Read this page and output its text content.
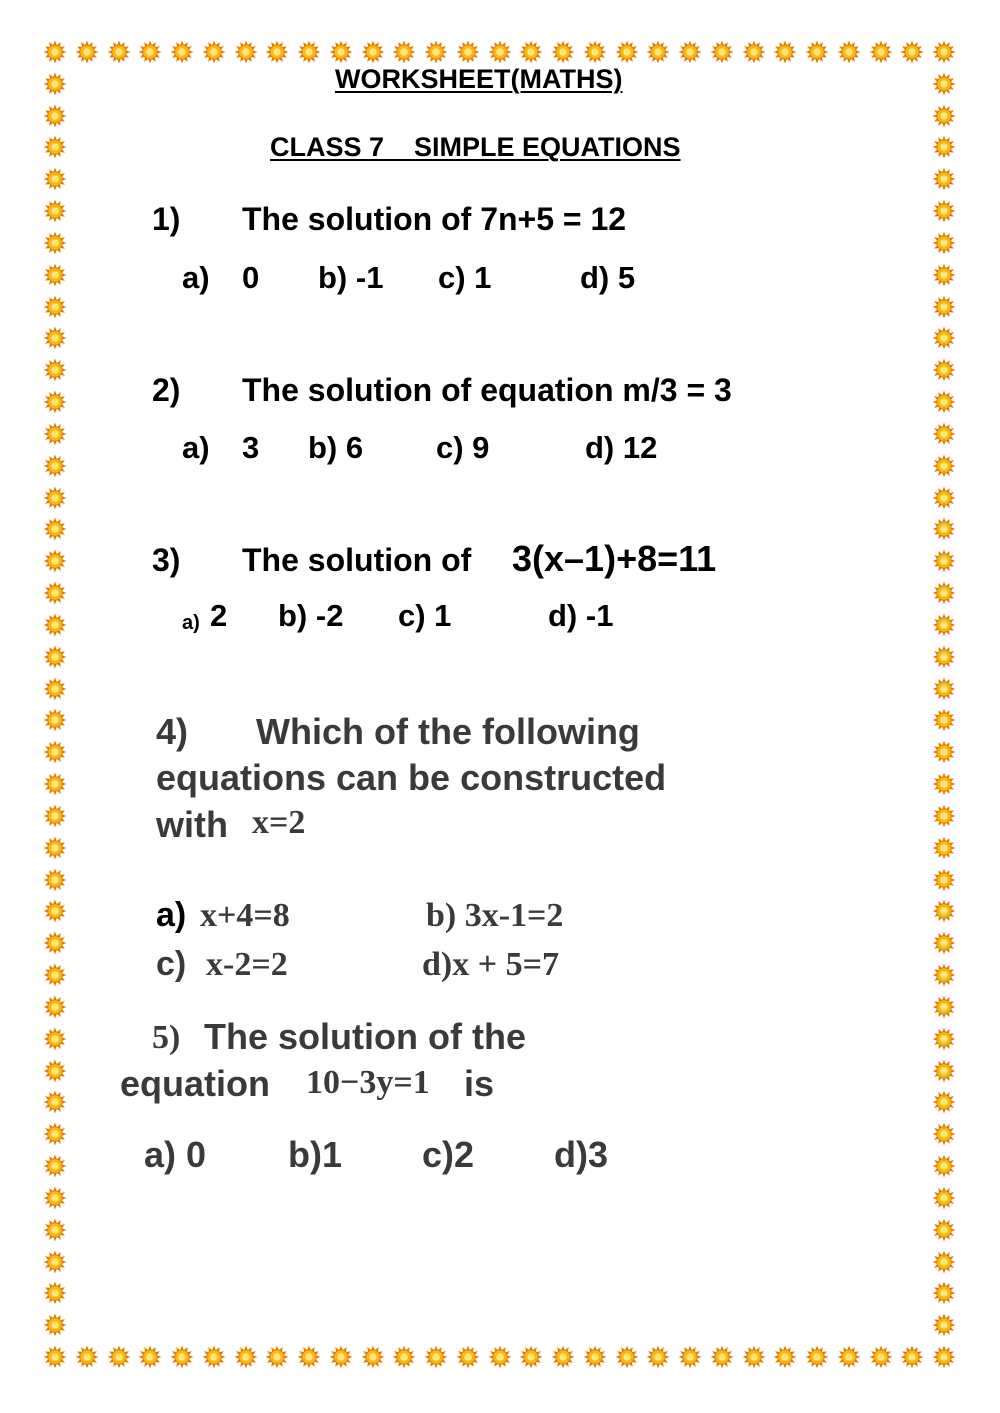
WORKSHEET(MATHS)
CLASS 7    SIMPLE EQUATIONS
1) The solution of 7n+5 = 12
a) 0 b) -1 c) 1	d) 5
2) The solution of equation m/3 = 3
a) 3 b) 6 c) 9	d) 12
3) The solution of 3(x–1)+8=11
a) 2 b) -2 c) 1	d) -1
4) Which of the following
equations can be constructed
with x=2
a) x+4=8	b) 3x-1=2
c) x-2=2	d)x + 5=7
5) The solution of the
equation 10−3y=1 is
a) 0 b)1 c)2 d)3
